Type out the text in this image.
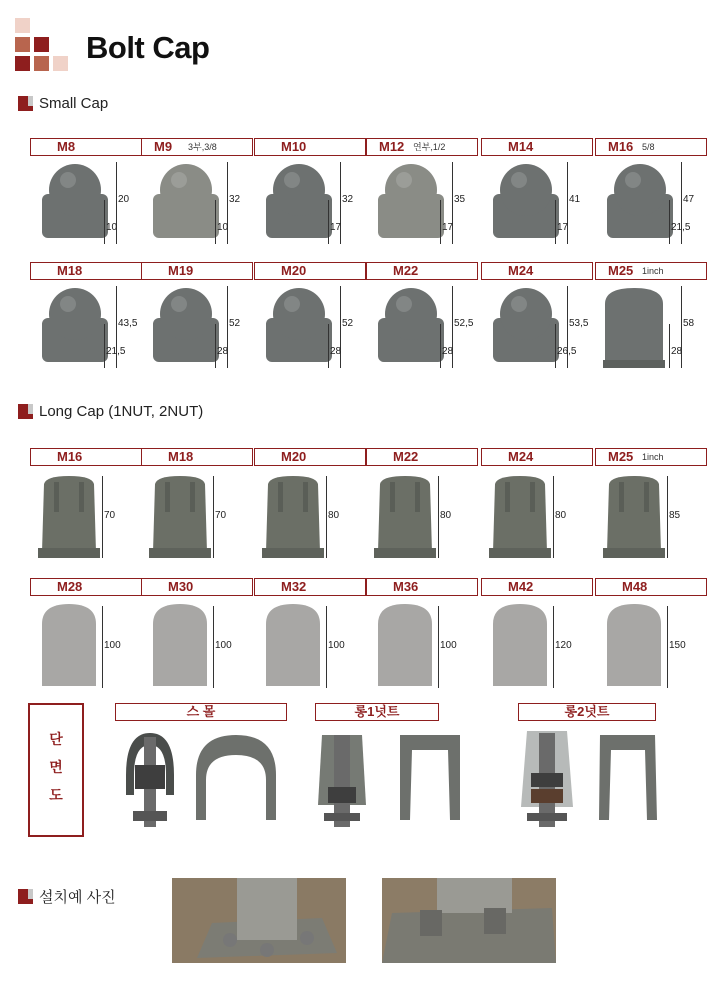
Bolt Cap
Small Cap
Long Cap (1NUT, 2NUT)
설치예 사진
M8
20
10
M9 3부,3/8
32
10
M10
32
17
M12 연부,1/2
35
17
M14
41
17
M16 5/8
47
21,5
M18
43,5
21,5
M19
52
28
M20
52
28
M22
52,5
28
M24
53,5
26,5
M25 1inch
58
28
M16
70
M18
70
M20
80
M22
80
M24
80
M25 1inch
85
M28
100
M30
100
M32
100
M36
100
M42
120
M48
150
단
면
도
스 몰	롱1넛트	롱2넛트
